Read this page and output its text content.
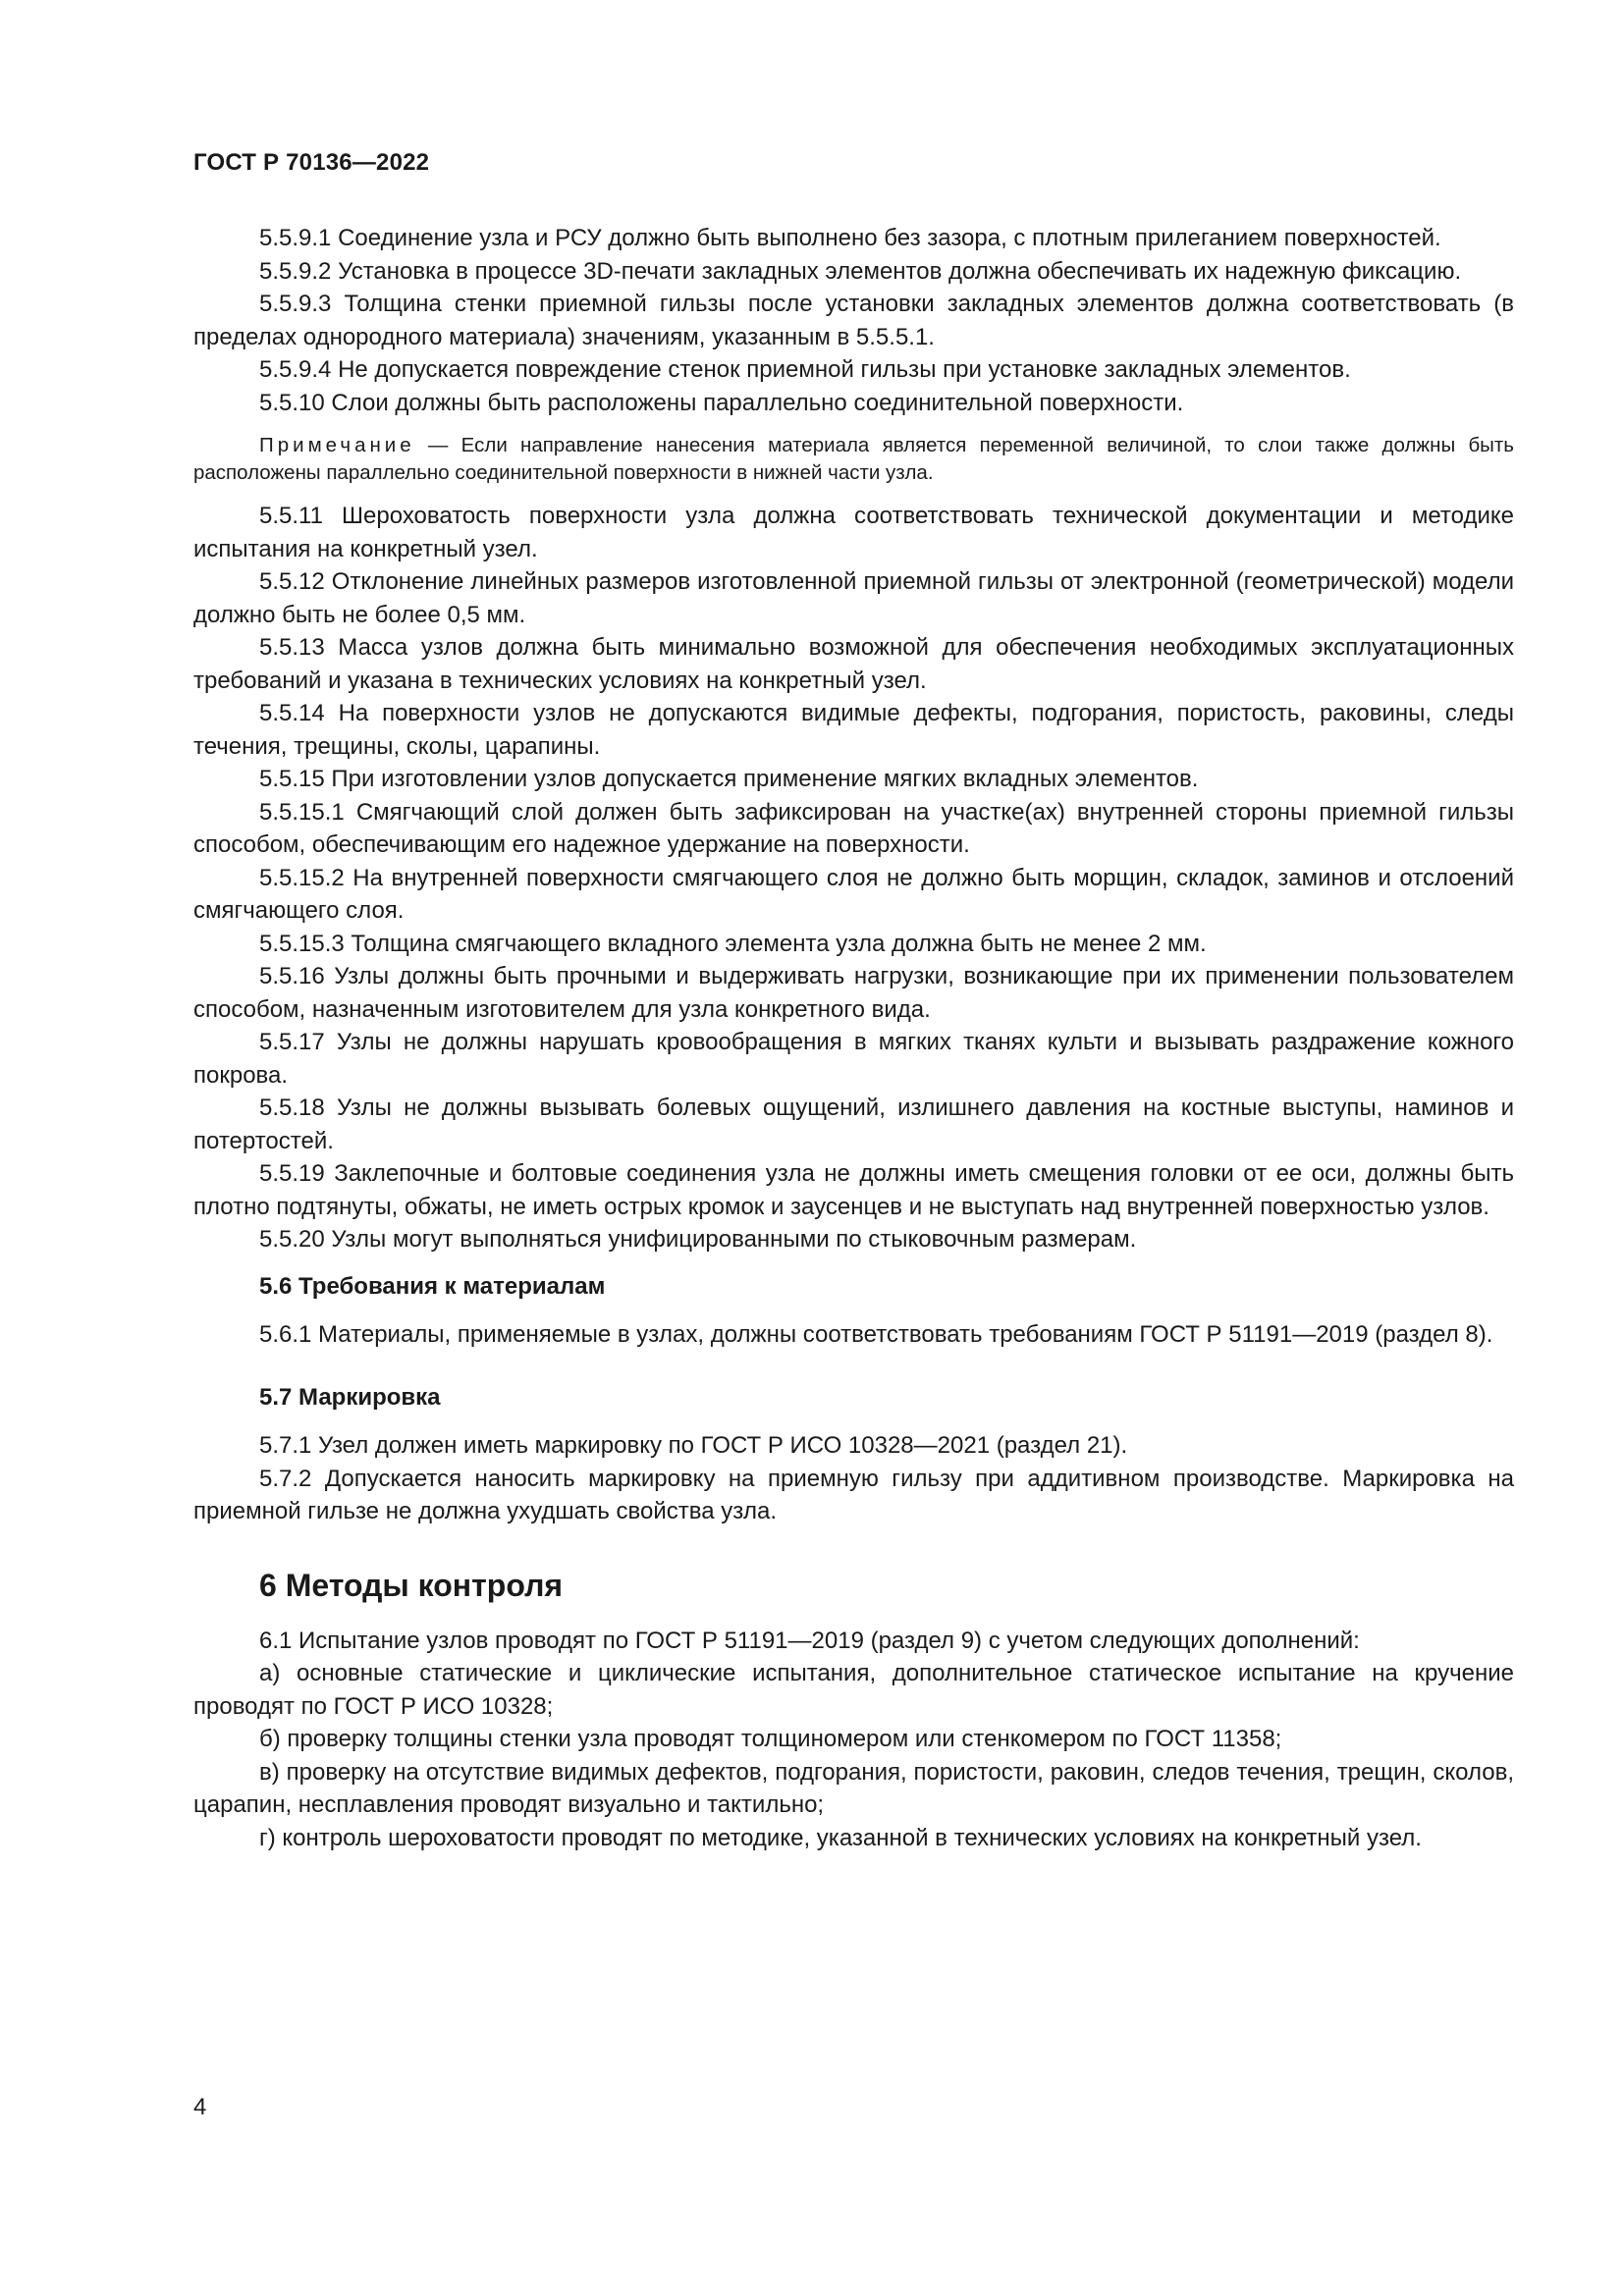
ГОСТ Р 70136—2022

5.5.9.1 Соединение узла и РСУ должно быть выполнено без зазора, с плотным прилеганием поверхностей.

5.5.9.2 Установка в процессе 3D-печати закладных элементов должна обеспечивать их надежную фиксацию.

5.5.9.3 Толщина стенки приемной гильзы после установки закладных элементов должна соответствовать (в пределах однородного материала) значениям, указанным в 5.5.5.1.

5.5.9.4 Не допускается повреждение стенок приемной гильзы при установке закладных элементов.

5.5.10 Слои должны быть расположены параллельно соединительной поверхности.

Примечание — Если направление нанесения материала является переменной величиной, то слои также должны быть расположены параллельно соединительной поверхности в нижней части узла.

5.5.11 Шероховатость поверхности узла должна соответствовать технической документации и методике испытания на конкретный узел.

5.5.12 Отклонение линейных размеров изготовленной приемной гильзы от электронной (геометрической) модели должно быть не более 0,5 мм.

5.5.13 Масса узлов должна быть минимально возможной для обеспечения необходимых эксплуатационных требований и указана в технических условиях на конкретный узел.

5.5.14 На поверхности узлов не допускаются видимые дефекты, подгорания, пористость, раковины, следы течения, трещины, сколы, царапины.

5.5.15 При изготовлении узлов допускается применение мягких вкладных элементов.

5.5.15.1 Смягчающий слой должен быть зафиксирован на участке(ах) внутренней стороны приемной гильзы способом, обеспечивающим его надежное удержание на поверхности.

5.5.15.2 На внутренней поверхности смягчающего слоя не должно быть морщин, складок, заминов и отслоений смягчающего слоя.

5.5.15.3 Толщина смягчающего вкладного элемента узла должна быть не менее 2 мм.

5.5.16 Узлы должны быть прочными и выдерживать нагрузки, возникающие при их применении пользователем способом, назначенным изготовителем для узла конкретного вида.

5.5.17 Узлы не должны нарушать кровообращения в мягких тканях культи и вызывать раздражение кожного покрова.

5.5.18 Узлы не должны вызывать болевых ощущений, излишнего давления на костные выступы, наминов и потертостей.

5.5.19 Заклепочные и болтовые соединения узла не должны иметь смещения головки от ее оси, должны быть плотно подтянуты, обжаты, не иметь острых кромок и заусенцев и не выступать над внутренней поверхностью узлов.

5.5.20 Узлы могут выполняться унифицированными по стыковочным размерам.

5.6 Требования к материалам

5.6.1 Материалы, применяемые в узлах, должны соответствовать требованиям ГОСТ Р 51191—2019 (раздел 8).

5.7 Маркировка

5.7.1 Узел должен иметь маркировку по ГОСТ Р ИСО 10328—2021 (раздел 21).

5.7.2 Допускается наносить маркировку на приемную гильзу при аддитивном производстве. Маркировка на приемной гильзе не должна ухудшать свойства узла.

6 Методы контроля

6.1 Испытание узлов проводят по ГОСТ Р 51191—2019 (раздел 9) с учетом следующих дополнений:

а) основные статические и циклические испытания, дополнительное статическое испытание на кручение проводят по ГОСТ Р ИСО 10328;

б) проверку толщины стенки узла проводят толщиномером или стенкомером по ГОСТ 11358;

в) проверку на отсутствие видимых дефектов, подгорания, пористости, раковин, следов течения, трещин, сколов, царапин, несплавления проводят визуально и тактильно;

г) контроль шероховатости проводят по методике, указанной в технических условиях на конкретный узел.

4
